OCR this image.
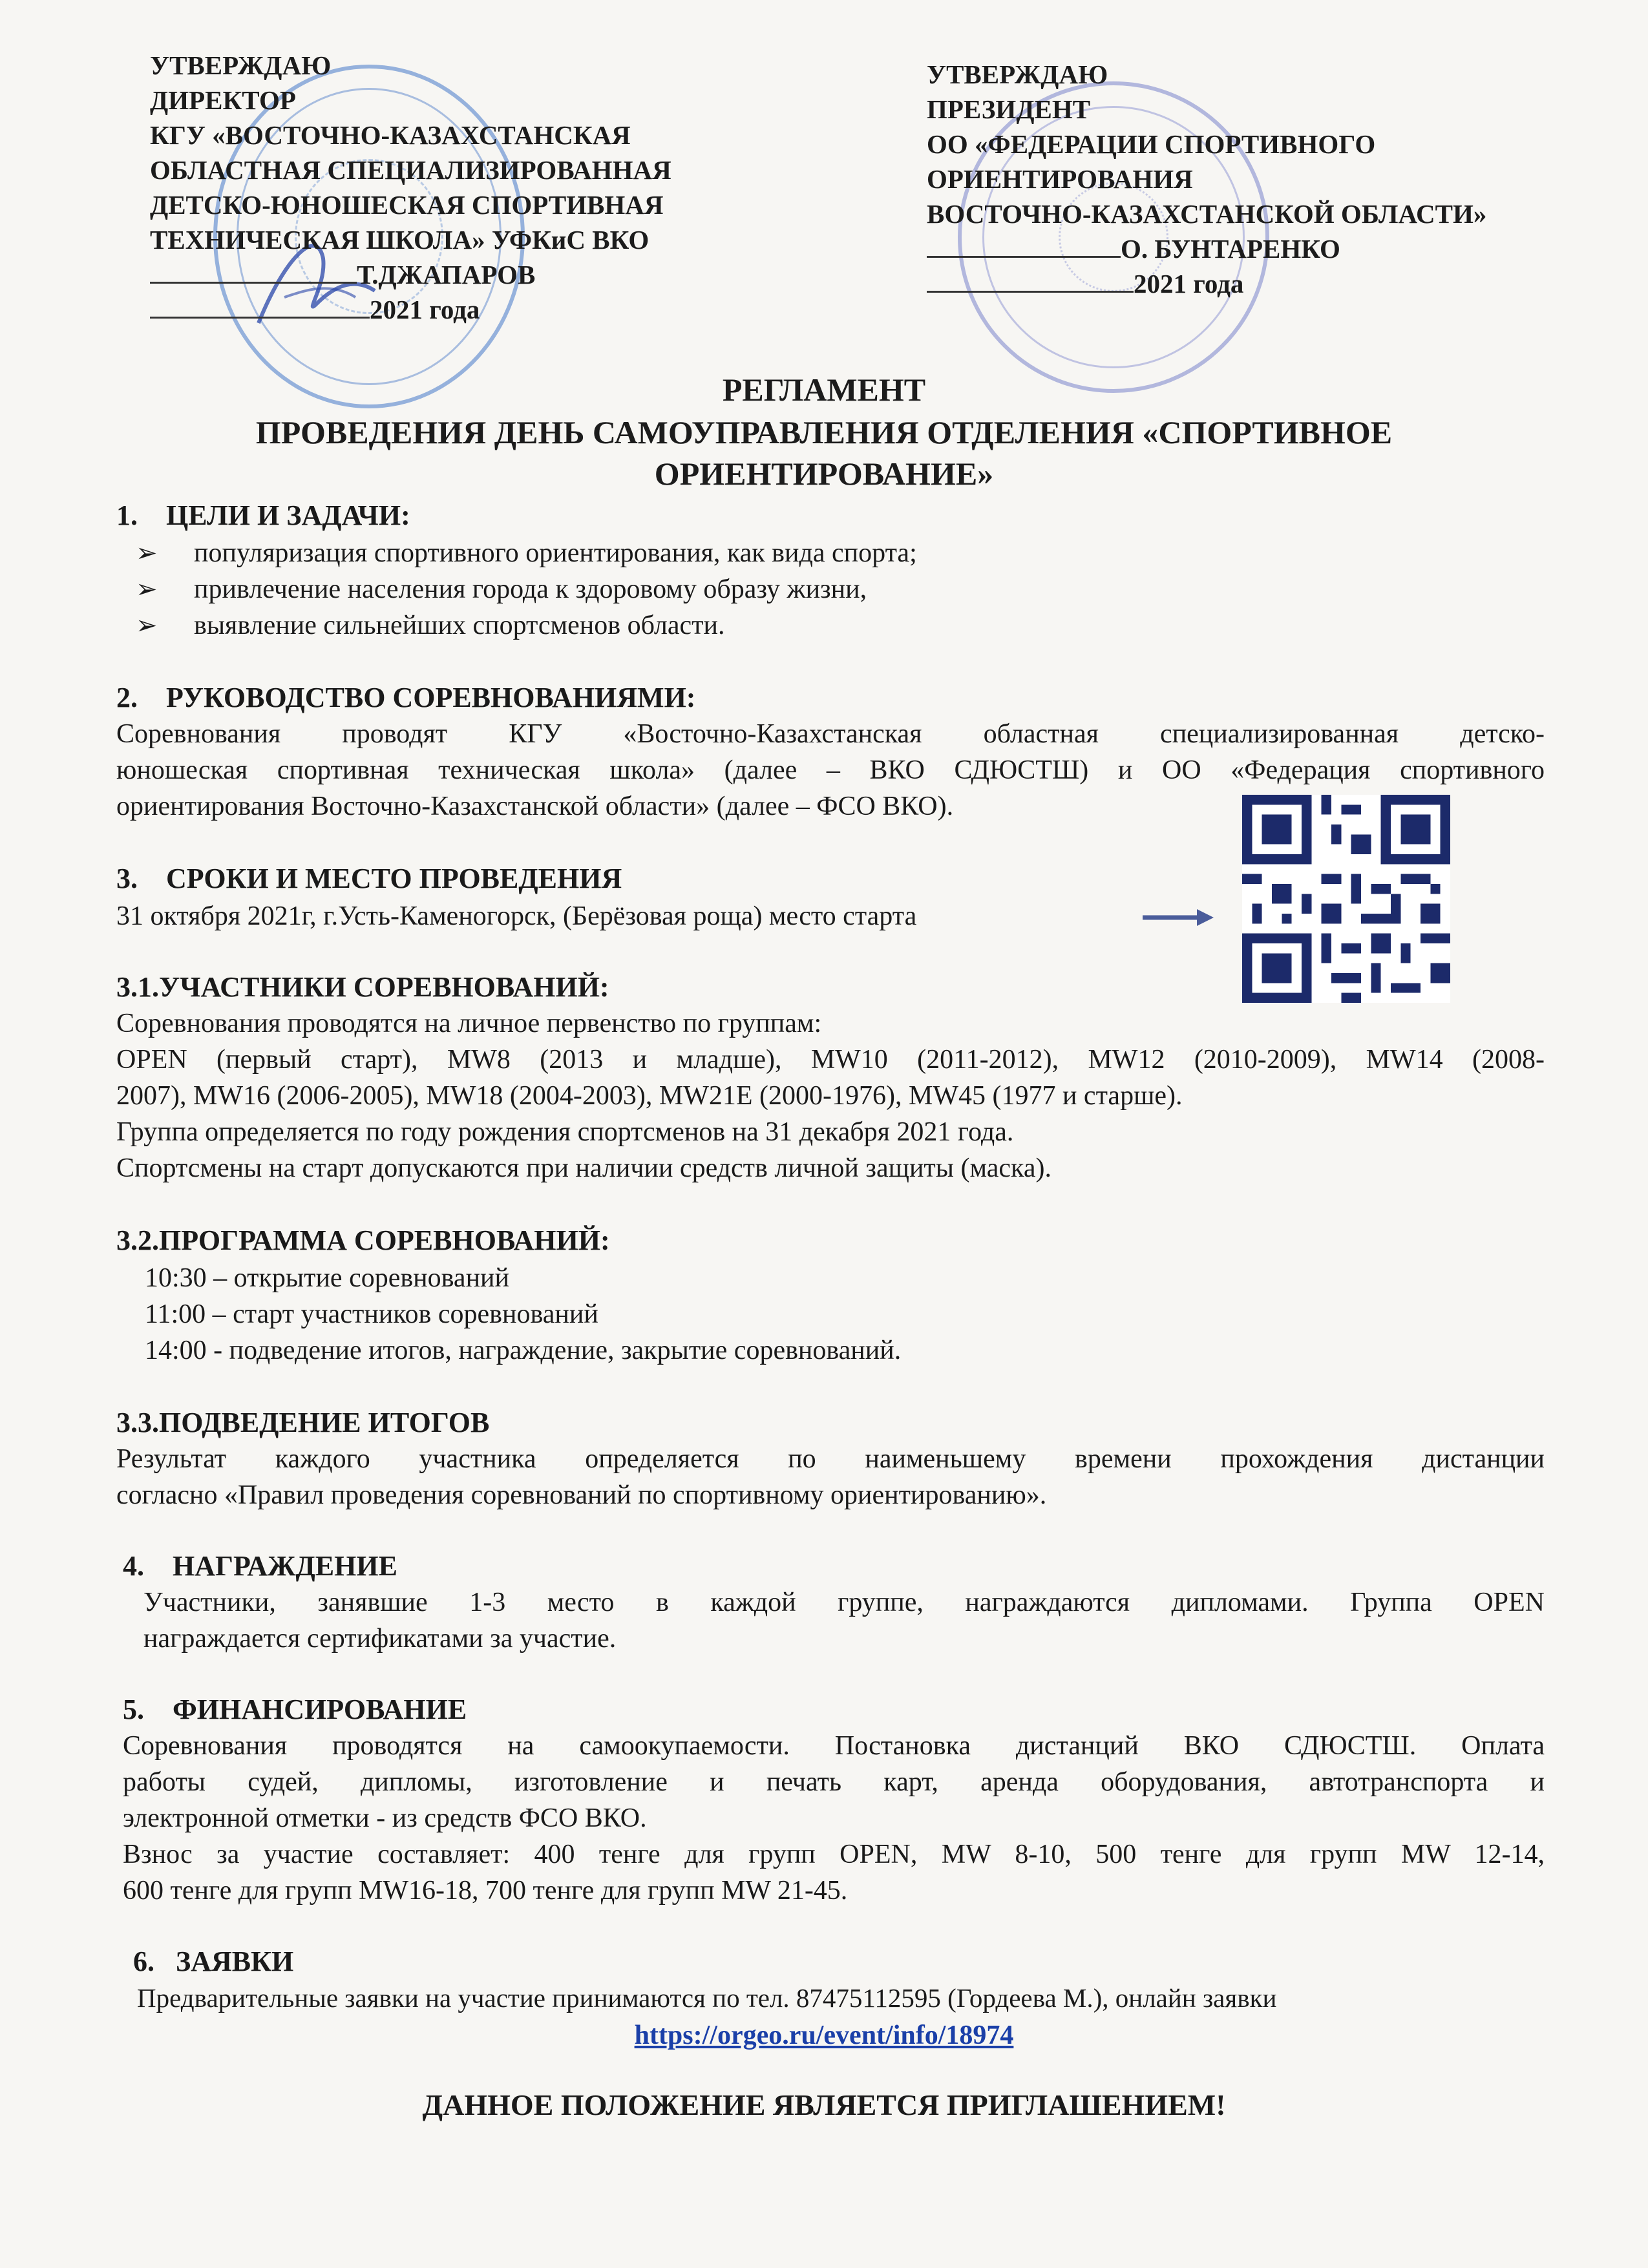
УТВЕРЖДАЮ
ДИРЕКТОР
КГУ «ВОСТОЧНО-КАЗАХСТАНСКАЯ
ОБЛАСТНАЯ СПЕЦИАЛИЗИРОВАННАЯ
ДЕТСКО-ЮНОШЕСКАЯ СПОРТИВНАЯ
ТЕХНИЧЕСКАЯ ШКОЛА» УФКиС ВКО
Т.ДЖАПАРОВ
2021 года
УТВЕРЖДАЮ
ПРЕЗИДЕНТ
ОО «ФЕДЕРАЦИИ СПОРТИВНОГО
ОРИЕНТИРОВАНИЯ
ВОСТОЧНО-КАЗАХСТАНСКОЙ ОБЛАСТИ»
О. БУНТАРЕНКО
2021 года
РЕГЛАМЕНТ
ПРОВЕДЕНИЯ ДЕНЬ САМОУПРАВЛЕНИЯ ОТДЕЛЕНИЯ «СПОРТИВНОЕ
ОРИЕНТИРОВАНИЕ»
1. ЦЕЛИ И ЗАДАЧИ:
➢ популяризация спортивного ориентирования, как вида спорта;
➢ привлечение населения города к здоровому образу жизни,
➢ выявление сильнейших спортсменов области.
2. РУКОВОДСТВО СОРЕВНОВАНИЯМИ:
Соревнования проводят КГУ «Восточно-Казахстанская областная специализированная детско-
юношеская спортивная техническая школа» (далее – ВКО СДЮСТШ) и ОО «Федерация спортивного
ориентирования Восточно-Казахстанской области» (далее – ФСО ВКО).
3. СРОКИ И МЕСТО ПРОВЕДЕНИЯ
31 октября 2021г, г.Усть-Каменогорск, (Берёзовая роща) место старта
3.1.УЧАСТНИКИ СОРЕВНОВАНИЙ:
Соревнования проводятся на личное первенство по группам:
OPEN (первый старт), MW8 (2013 и младше), MW10 (2011-2012), MW12 (2010-2009), MW14 (2008-
2007), MW16 (2006-2005), MW18 (2004-2003), MW21E (2000-1976), MW45 (1977 и старше).
Группа определяется по году рождения спортсменов на 31 декабря 2021 года.
Спортсмены на старт допускаются при наличии средств личной защиты (маска).
3.2.ПРОГРАММА СОРЕВНОВАНИЙ:
10:30 – открытие соревнований
11:00 – старт участников соревнований
14:00 - подведение итогов, награждение, закрытие соревнований.
3.3.ПОДВЕДЕНИЕ ИТОГОВ
Результат каждого участника определяется по наименьшему времени прохождения дистанции
согласно «Правил проведения соревнований по спортивному ориентированию».
4. НАГРАЖДЕНИЕ
Участники, занявшие 1-3 место в каждой группе, награждаются дипломами. Группа OPEN
награждается сертификатами за участие.
5. ФИНАНСИРОВАНИЕ
Соревнования проводятся на самоокупаемости. Постановка дистанций ВКО СДЮСТШ. Оплата
работы судей, дипломы, изготовление и печать карт, аренда оборудования, автотранспорта и
электронной отметки - из средств ФСО ВКО.
Взнос за участие составляет: 400 тенге для групп OPEN, MW 8-10, 500 тенге для групп MW 12-14,
600 тенге для групп MW16-18, 700 тенге для групп MW 21-45.
6. ЗАЯВКИ
Предварительные заявки на участие принимаются по тел. 87475112595 (Гордеева М.), онлайн заявки
https://orgeo.ru/event/info/18974
ДАННОЕ ПОЛОЖЕНИЕ ЯВЛЯЕТСЯ ПРИГЛАШЕНИЕМ!
